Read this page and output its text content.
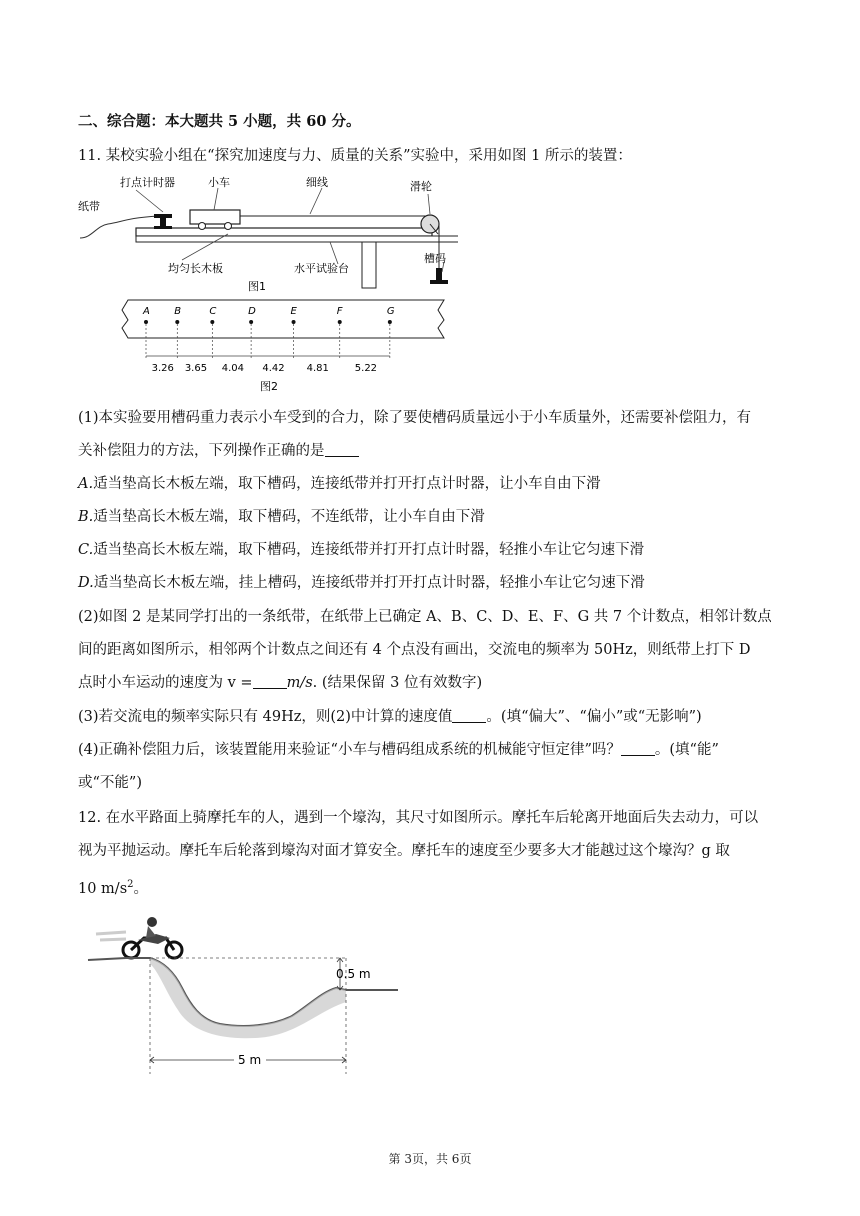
二、综合题：本大题共 5 小题，共 60 分。
11. 某校实验小组在“探究加速度与力、质量的关系”实验中，采用如图 1 所示的装置：
打点计时器	小车	细线	滑轮
纸带
均匀长木板	水平试验台
槽码
图1
A B	C	D	E	F	G
3.26 3.65 4.04 4.42 4.81	5.22
图2
(1)本实验要用槽码重力表示小车受到的合力，除了要使槽码质量远小于小车质量外，还需要补偿阻力，有
关补偿阻力的方法，下列操作正确的是
A.适当垫高长木板左端，取下槽码，连接纸带并打开打点计时器，让小车自由下滑
B.适当垫高长木板左端，取下槽码，不连纸带，让小车自由下滑
C.适当垫高长木板左端，取下槽码，连接纸带并打开打点计时器，轻推小车让它匀速下滑
D.适当垫高长木板左端，挂上槽码，连接纸带并打开打点计时器，轻推小车让它匀速下滑
(2)如图 2 是某同学打出的一条纸带，在纸带上已确定 A、B、C、D、E、F、G 共 7 个计数点，相邻计数点
间的距离如图所示，相邻两个计数点之间还有 4 个点没有画出，交流电的频率为 50Hz，则纸带上打下 D
点时小车运动的速度为 v = m/s. (结果保留 3 位有效数字)
(3)若交流电的频率实际只有 49Hz，则(2)中计算的速度值 。(填“偏大”、“偏小”或“无影响”)
(4)正确补偿阻力后，该装置能用来验证“小车与槽码组成系统的机械能守恒定律”吗？ 。(填“能”
或“不能”)
12. 在水平路面上骑摩托车的人，遇到一个壕沟，其尺寸如图所示。摩托车后轮离开地面后失去动力，可以
视为平抛运动。摩托车后轮落到壕沟对面才算安全。摩托车的速度至少要多大才能越过这个壕沟？g 取
10 $m/s^2$。
0.5 m
5 m
第 3页，共 6页
